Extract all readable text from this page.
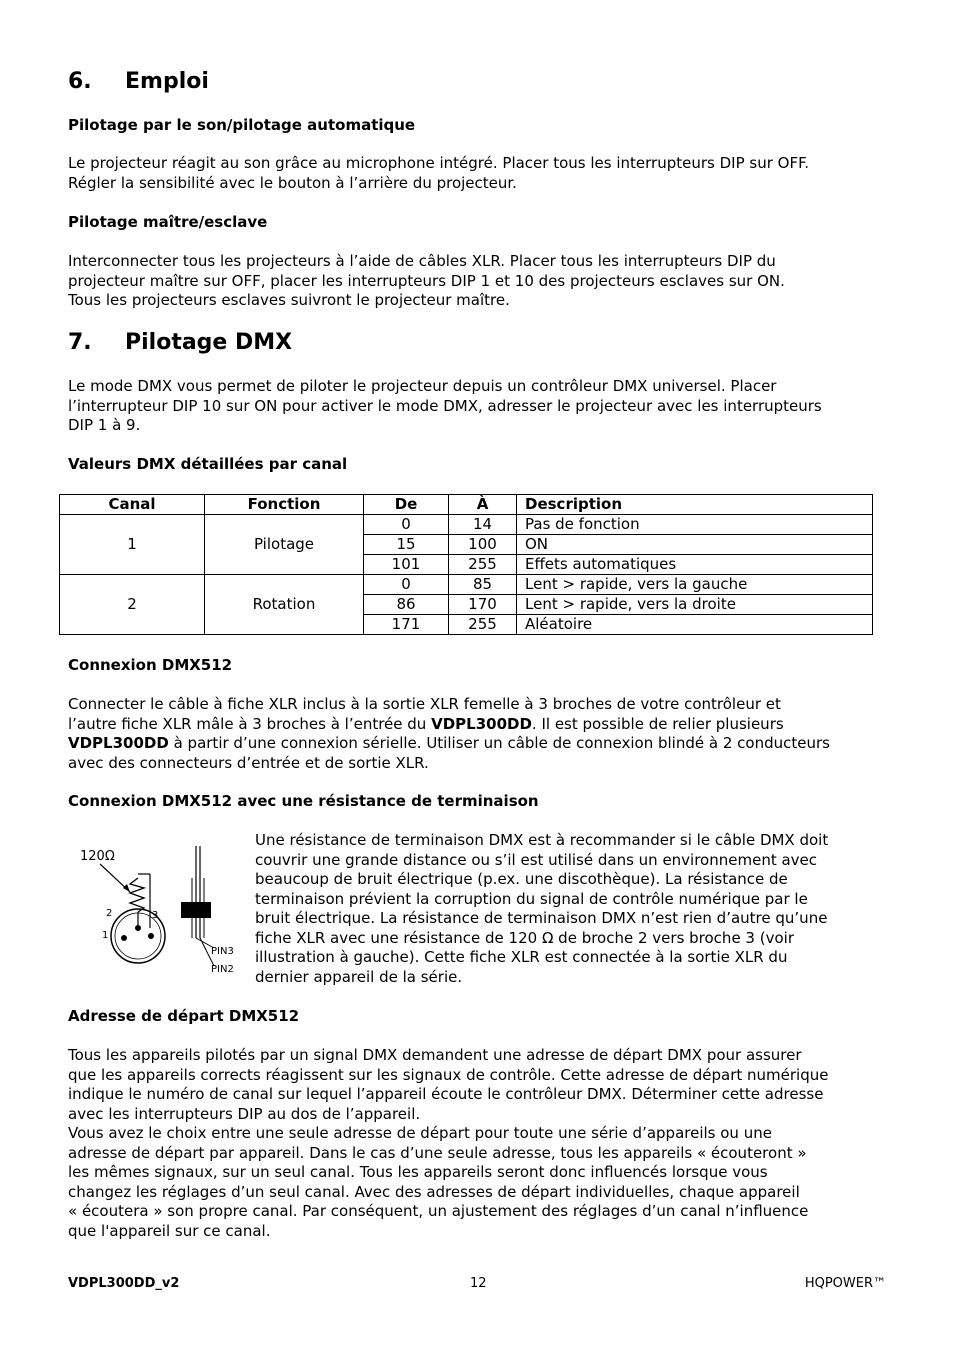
6. Emploi
Pilotage par le son/pilotage automatique
Le projecteur réagit au son grâce au microphone intégré. Placer tous les interrupteurs DIP sur OFF.
Régler la sensibilité avec le bouton à l’arrière du projecteur.
Pilotage maître/esclave
Interconnecter tous les projecteurs à l’aide de câbles XLR. Placer tous les interrupteurs DIP du
projecteur maître sur OFF, placer les interrupteurs DIP 1 et 10 des projecteurs esclaves sur ON.
Tous les projecteurs esclaves suivront le projecteur maître.
7. Pilotage DMX
Le mode DMX vous permet de piloter le projecteur depuis un contrôleur DMX universel. Placer
l’interrupteur DIP 10 sur ON pour activer le mode DMX, adresser le projecteur avec les interrupteurs
DIP 1 à 9.
Valeurs DMX détaillées par canal
Canal	Fonction	De	À	Description
1	Pilotage	0	14	Pas de fonction
		15	100	ON
		101	255	Effets automatiques
2	Rotation	0	85	Lent > rapide, vers la gauche
		86	170	Lent > rapide, vers la droite
		171	255	Aléatoire
Connexion DMX512
Connecter le câble à fiche XLR inclus à la sortie XLR femelle à 3 broches de votre contrôleur et
l’autre fiche XLR mâle à 3 broches à l’entrée du VDPL300DD. Il est possible de relier plusieurs
VDPL300DD à partir d’une connexion sérielle. Utiliser un câble de connexion blindé à 2 conducteurs
avec des connecteurs d’entrée et de sortie XLR.
Connexion DMX512 avec une résistance de terminaison
120Ω
2
1
3
PIN3
PIN2
Une résistance de terminaison DMX est à recommander si le câble DMX doit
couvrir une grande distance ou s’il est utilisé dans un environnement avec
beaucoup de bruit électrique (p.ex. une discothèque). La résistance de
terminaison prévient la corruption du signal de contrôle numérique par le
bruit électrique. La résistance de terminaison DMX n’est rien d’autre qu’une
fiche XLR avec une résistance de 120 Ω de broche 2 vers broche 3 (voir
illustration à gauche). Cette fiche XLR est connectée à la sortie XLR du
dernier appareil de la série.
Adresse de départ DMX512
Tous les appareils pilotés par un signal DMX demandent une adresse de départ DMX pour assurer
que les appareils corrects réagissent sur les signaux de contrôle. Cette adresse de départ numérique
indique le numéro de canal sur lequel l’appareil écoute le contrôleur DMX. Déterminer cette adresse
avec les interrupteurs DIP au dos de l’appareil.
Vous avez le choix entre une seule adresse de départ pour toute une série d’appareils ou une
adresse de départ par appareil. Dans le cas d’une seule adresse, tous les appareils « écouteront »
les mêmes signaux, sur un seul canal. Tous les appareils seront donc influencés lorsque vous
changez les réglages d’un seul canal. Avec des adresses de départ individuelles, chaque appareil
« écoutera » son propre canal. Par conséquent, un ajustement des réglages d’un canal n’influence
que l'appareil sur ce canal.
VDPL300DD_v2	12	HQPOWER™
